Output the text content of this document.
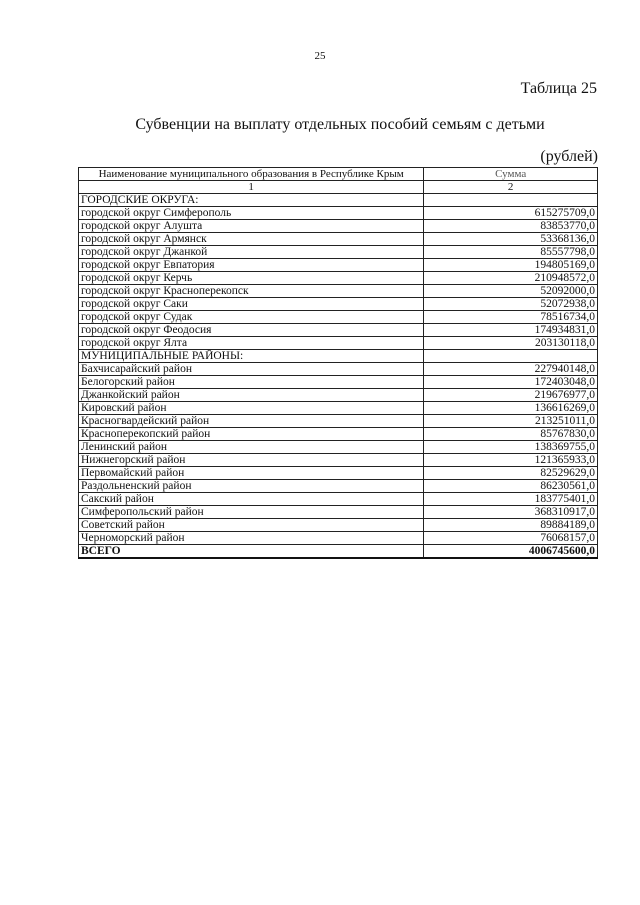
25
Таблица 25
Субвенции на выплату отдельных пособий семьям с детьми
(рублей)
Наименование муниципального образования в Республике Крым	Сумма
1	2
ГОРОДСКИЕ ОКРУГА:	
городской округ Симферополь	615275709,0
городской округ Алушта	83853770,0
городской округ Армянск	53368136,0
городской округ Джанкой	85557798,0
городской округ Евпатория	194805169,0
городской округ Керчь	210948572,0
городской округ Красноперекопск	52092000,0
городской округ Саки	52072938,0
городской округ Судак	78516734,0
городской округ Феодосия	174934831,0
городской округ Ялта	203130118,0
МУНИЦИПАЛЬНЫЕ РАЙОНЫ:	
Бахчисарайский район	227940148,0
Белогорский район	172403048,0
Джанкойский район	219676977,0
Кировский район	136616269,0
Красногвардейский район	213251011,0
Красноперекопский район	85767830,0
Ленинский район	138369755,0
Нижнегорский район	121365933,0
Первомайский район	82529629,0
Раздольненский район	86230561,0
Сакский район	183775401,0
Симферопольский район	368310917,0
Советский район	89884189,0
Черноморский район	76068157,0
ВСЕГО	4006745600,0
